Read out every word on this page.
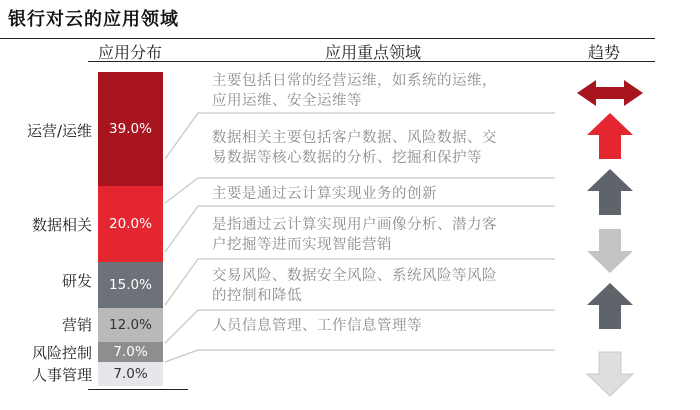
银行对云的应用领域
应用分布	应用重点领域	趋势
39.0%
20.0%
15.0%
12.0%
7.0%
7.0%
运营/运维
数据相关
研发
营销
风险控制
人事管理
主要包括日常的经营运维，如系统的运维，
应用运维、安全运维等
数据相关主要包括客户数据、风险数据、交
易数据等核心数据的分析、挖掘和保护等
主要是通过云计算实现业务的创新
是指通过云计算实现用户画像分析、潜力客
户挖掘等进而实现智能营销
交易风险、数据安全风险、系统风险等风险
的控制和降低
人员信息管理、工作信息管理等
